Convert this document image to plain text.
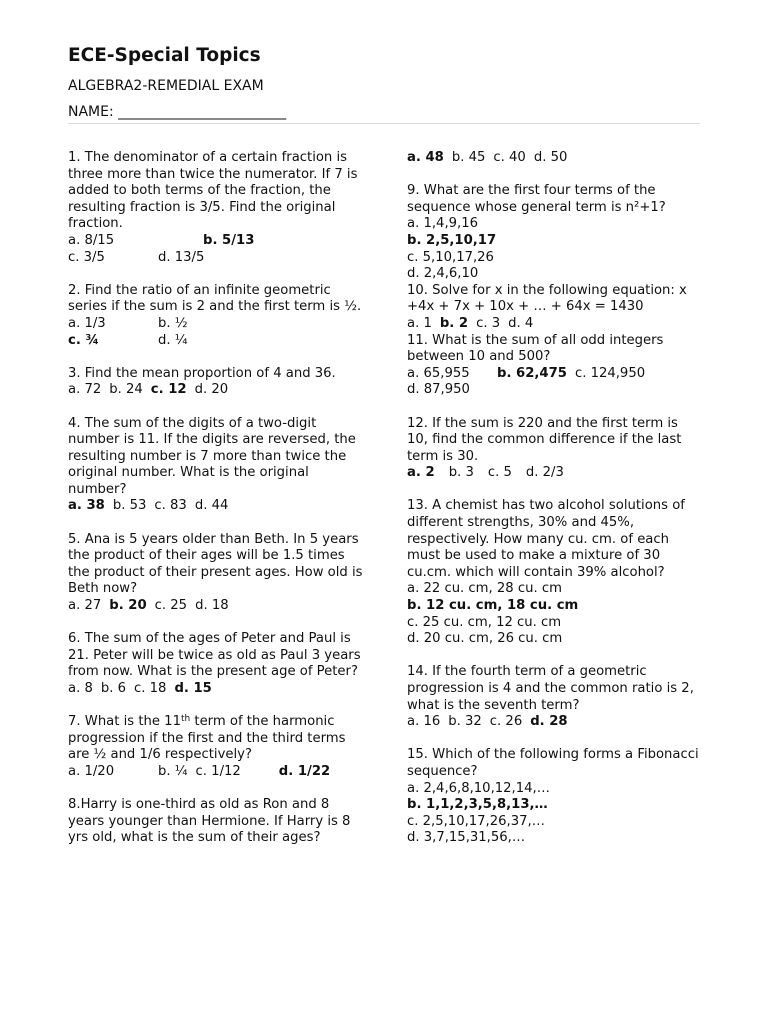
ECE-Special Topics
ALGEBRA2-REMEDIAL EXAM
NAME: ________________________

1. The denominator of a certain fraction is three more than twice the numerator. If 7 is added to both terms of the fraction, the resulting fraction is 3/5. Find the original fraction.

a. 8/15	b. 5/13

c. 3/5	d. 13/5

2. Find the ratio of an infinite geometric series if the sum is 2 and the first term is ½.

a. 1/3	b. ½

c. ¾	d. ¼

3. Find the mean proportion of 4 and 36.

a. 72 b. 24 c. 12 d. 20

4. The sum of the digits of a two-digit number is 11. If the digits are reversed, the resulting number is 7 more than twice the original number. What is the original number?

a. 38 b. 53 c. 83 d. 44

5. Ana is 5 years older than Beth. In 5 years the product of their ages will be 1.5 times the product of their present ages. How old is Beth now?

a. 27 b. 20 c. 25 d. 18

6. The sum of the ages of Peter and Paul is 21. Peter will be twice as old as Paul 3 years from now. What is the present age of Peter?

a. 8 b. 6 c. 18 d. 15

7. What is the 11th term of the harmonic progression if the first and the third terms are ½ and 1/6 respectively?

a. 1/20	b. ¼ c. 1/12	d. 1/22

8.Harry is one-third as old as Ron and 8 years younger than Hermione. If Harry is 8 yrs old, what is the sum of their ages?

a. 48 b. 45 c. 40 d. 50

9. What are the first four terms of the sequence whose general term is n²+1?

a. 1,4,9,16

b. 2,5,10,17

c. 5,10,17,26

d. 2,4,6,10

10. Solve for x in the following equation: x +4x + 7x + 10x + … + 64x = 1430

a. 1 b. 2 c. 3 d. 4

11. What is the sum of all odd integers between 10 and 500?

a. 65,955 b. 62,475 c. 124,950

d. 87,950

12. If the sum is 220 and the first term is 10, find the common difference if the last term is 30.

a. 2 b. 3 c. 5 d. 2/3

13. A chemist has two alcohol solutions of different strengths, 30% and 45%, respectively. How many cu. cm. of each must be used to make a mixture of 30 cu.cm. which will contain 39% alcohol?

a. 22 cu. cm, 28 cu. cm

b. 12 cu. cm, 18 cu. cm

c. 25 cu. cm, 12 cu. cm

d. 20 cu. cm, 26 cu. cm

14. If the fourth term of a geometric progression is 4 and the common ratio is 2, what is the seventh term?

a. 16 b. 32 c. 26 d. 28

15. Which of the following forms a Fibonacci sequence?

a. 2,4,6,8,10,12,14,…

b. 1,1,2,3,5,8,13,…

c. 2,5,10,17,26,37,…

d. 3,7,15,31,56,…
